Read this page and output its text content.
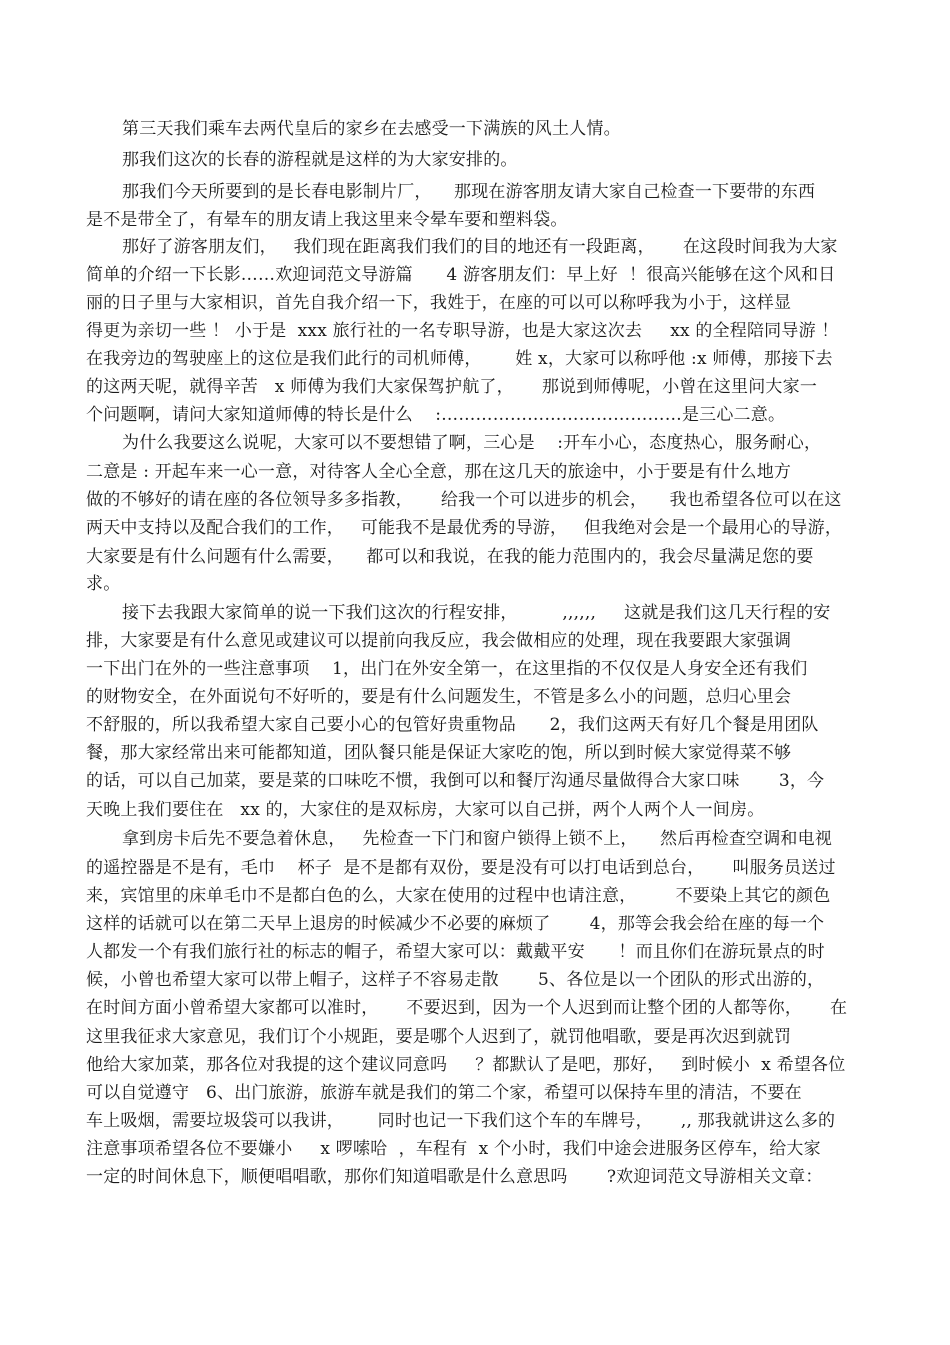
第三天我们乘车去两代皇后的家乡在去感受一下满族的风土人情。
那我们这次的长春的游程就是这样的为大家安排的。
那我们今天所要到的是长春电影制片厂，    那现在游客朋友请大家自己检查一下要带的东西
是不是带全了，有晕车的朋友请上我这里来令晕车要和塑料袋。
那好了游客朋友们，   我们现在距离我们我们的目的地还有一段距离，     在这段时间我为大家
简单的介绍一下长影……欢迎词范文导游篇      4 游客朋友们：早上好  ！很高兴能够在这个风和日
丽的日子里与大家相识，首先自我介绍一下，我姓于，在座的可以可以称呼我为小于，这样显
得更为亲切一些 ！ 小于是  xxx 旅行社的一名专职导游，也是大家这次去     xx 的全程陪同导游 ！
在我旁边的驾驶座上的这位是我们此行的司机师傅，      姓 x，大家可以称呼他 :x 师傅，那接下去
的这两天呢，就得辛苦   x 师傅为我们大家保驾护航了，     那说到师傅呢，小曾在这里问大家一
个问题啊，请问大家知道师傅的特长是什么    :……………………………………是三心二意。
为什么我要这么说呢，大家可以不要想错了啊，三心是    :开车小心，态度热心，服务耐心，
二意是 : 开起车来一心一意，对待客人全心全意，那在这几天的旅途中，小于要是有什么地方
做的不够好的请在座的各位领导多多指教，     给我一个可以进步的机会，    我也希望各位可以在这
两天中支持以及配合我们的工作，   可能我不是最优秀的导游，   但我绝对会是一个最用心的导游，
大家要是有什么问题有什么需要，    都可以和我说，在我的能力范围内的，我会尽量满足您的要
求。
接下去我跟大家简单的说一下我们这次的行程安排，        ,,,,,,     这就是我们这几天行程的安
排，大家要是有什么意见或建议可以提前向我反应，我会做相应的处理，现在我要跟大家强调
一下出门在外的一些注意事项    1，出门在外安全第一，在这里指的不仅仅是人身安全还有我们
的财物安全，在外面说句不好听的，要是有什么问题发生，不管是多么小的问题，总归心里会
不舒服的，所以我希望大家自己要小心的包管好贵重物品      2，我们这两天有好几个餐是用团队
餐，那大家经常出来可能都知道，团队餐只能是保证大家吃的饱，所以到时候大家觉得菜不够
的话，可以自己加菜，要是菜的口味吃不惯，我倒可以和餐厅沟通尽量做得合大家口味       3，今
天晚上我们要住在   xx 的，大家住的是双标房，大家可以自己拼，两个人两个人一间房。
拿到房卡后先不要急着休息，   先检查一下门和窗户锁得上锁不上，    然后再检查空调和电视
的遥控器是不是有，毛巾    杯子  是不是都有双份，要是没有可以打电话到总台，     叫服务员送过
来，宾馆里的床单毛巾不是都白色的么，大家在使用的过程中也请注意，       不要染上其它的颜色
这样的话就可以在第二天早上退房的时候减少不必要的麻烦了       4，那等会我会给在座的每一个
人都发一个有我们旅行社的标志的帽子，希望大家可以：戴戴平安      ！而且你们在游玩景点的时
候，小曾也希望大家可以带上帽子，这样子不容易走散       5、各位是以一个团队的形式出游的，
在时间方面小曾希望大家都可以准时，     不要迟到，因为一个人迟到而让整个团的人都等你，     在
这里我征求大家意见，我们订个小规距，要是哪个人迟到了，就罚他唱歌，要是再次迟到就罚
他给大家加菜，那各位对我提的这个建议同意吗     ？都默认了是吧，那好，   到时候小  x 希望各位
可以自觉遵守   6、出门旅游，旅游车就是我们的第二个家，希望可以保持车里的清洁，不要在
车上吸烟，需要垃圾袋可以我讲，      同时也记一下我们这个车的车牌号，     ,, 那我就讲这么多的
注意事项希望各位不要嫌小     x 啰嗦哈  ，车程有  x 个小时，我们中途会进服务区停车，给大家
一定的时间休息下，顺便唱唱歌，那你们知道唱歌是什么意思吗       ?欢迎词范文导游相关文章：
